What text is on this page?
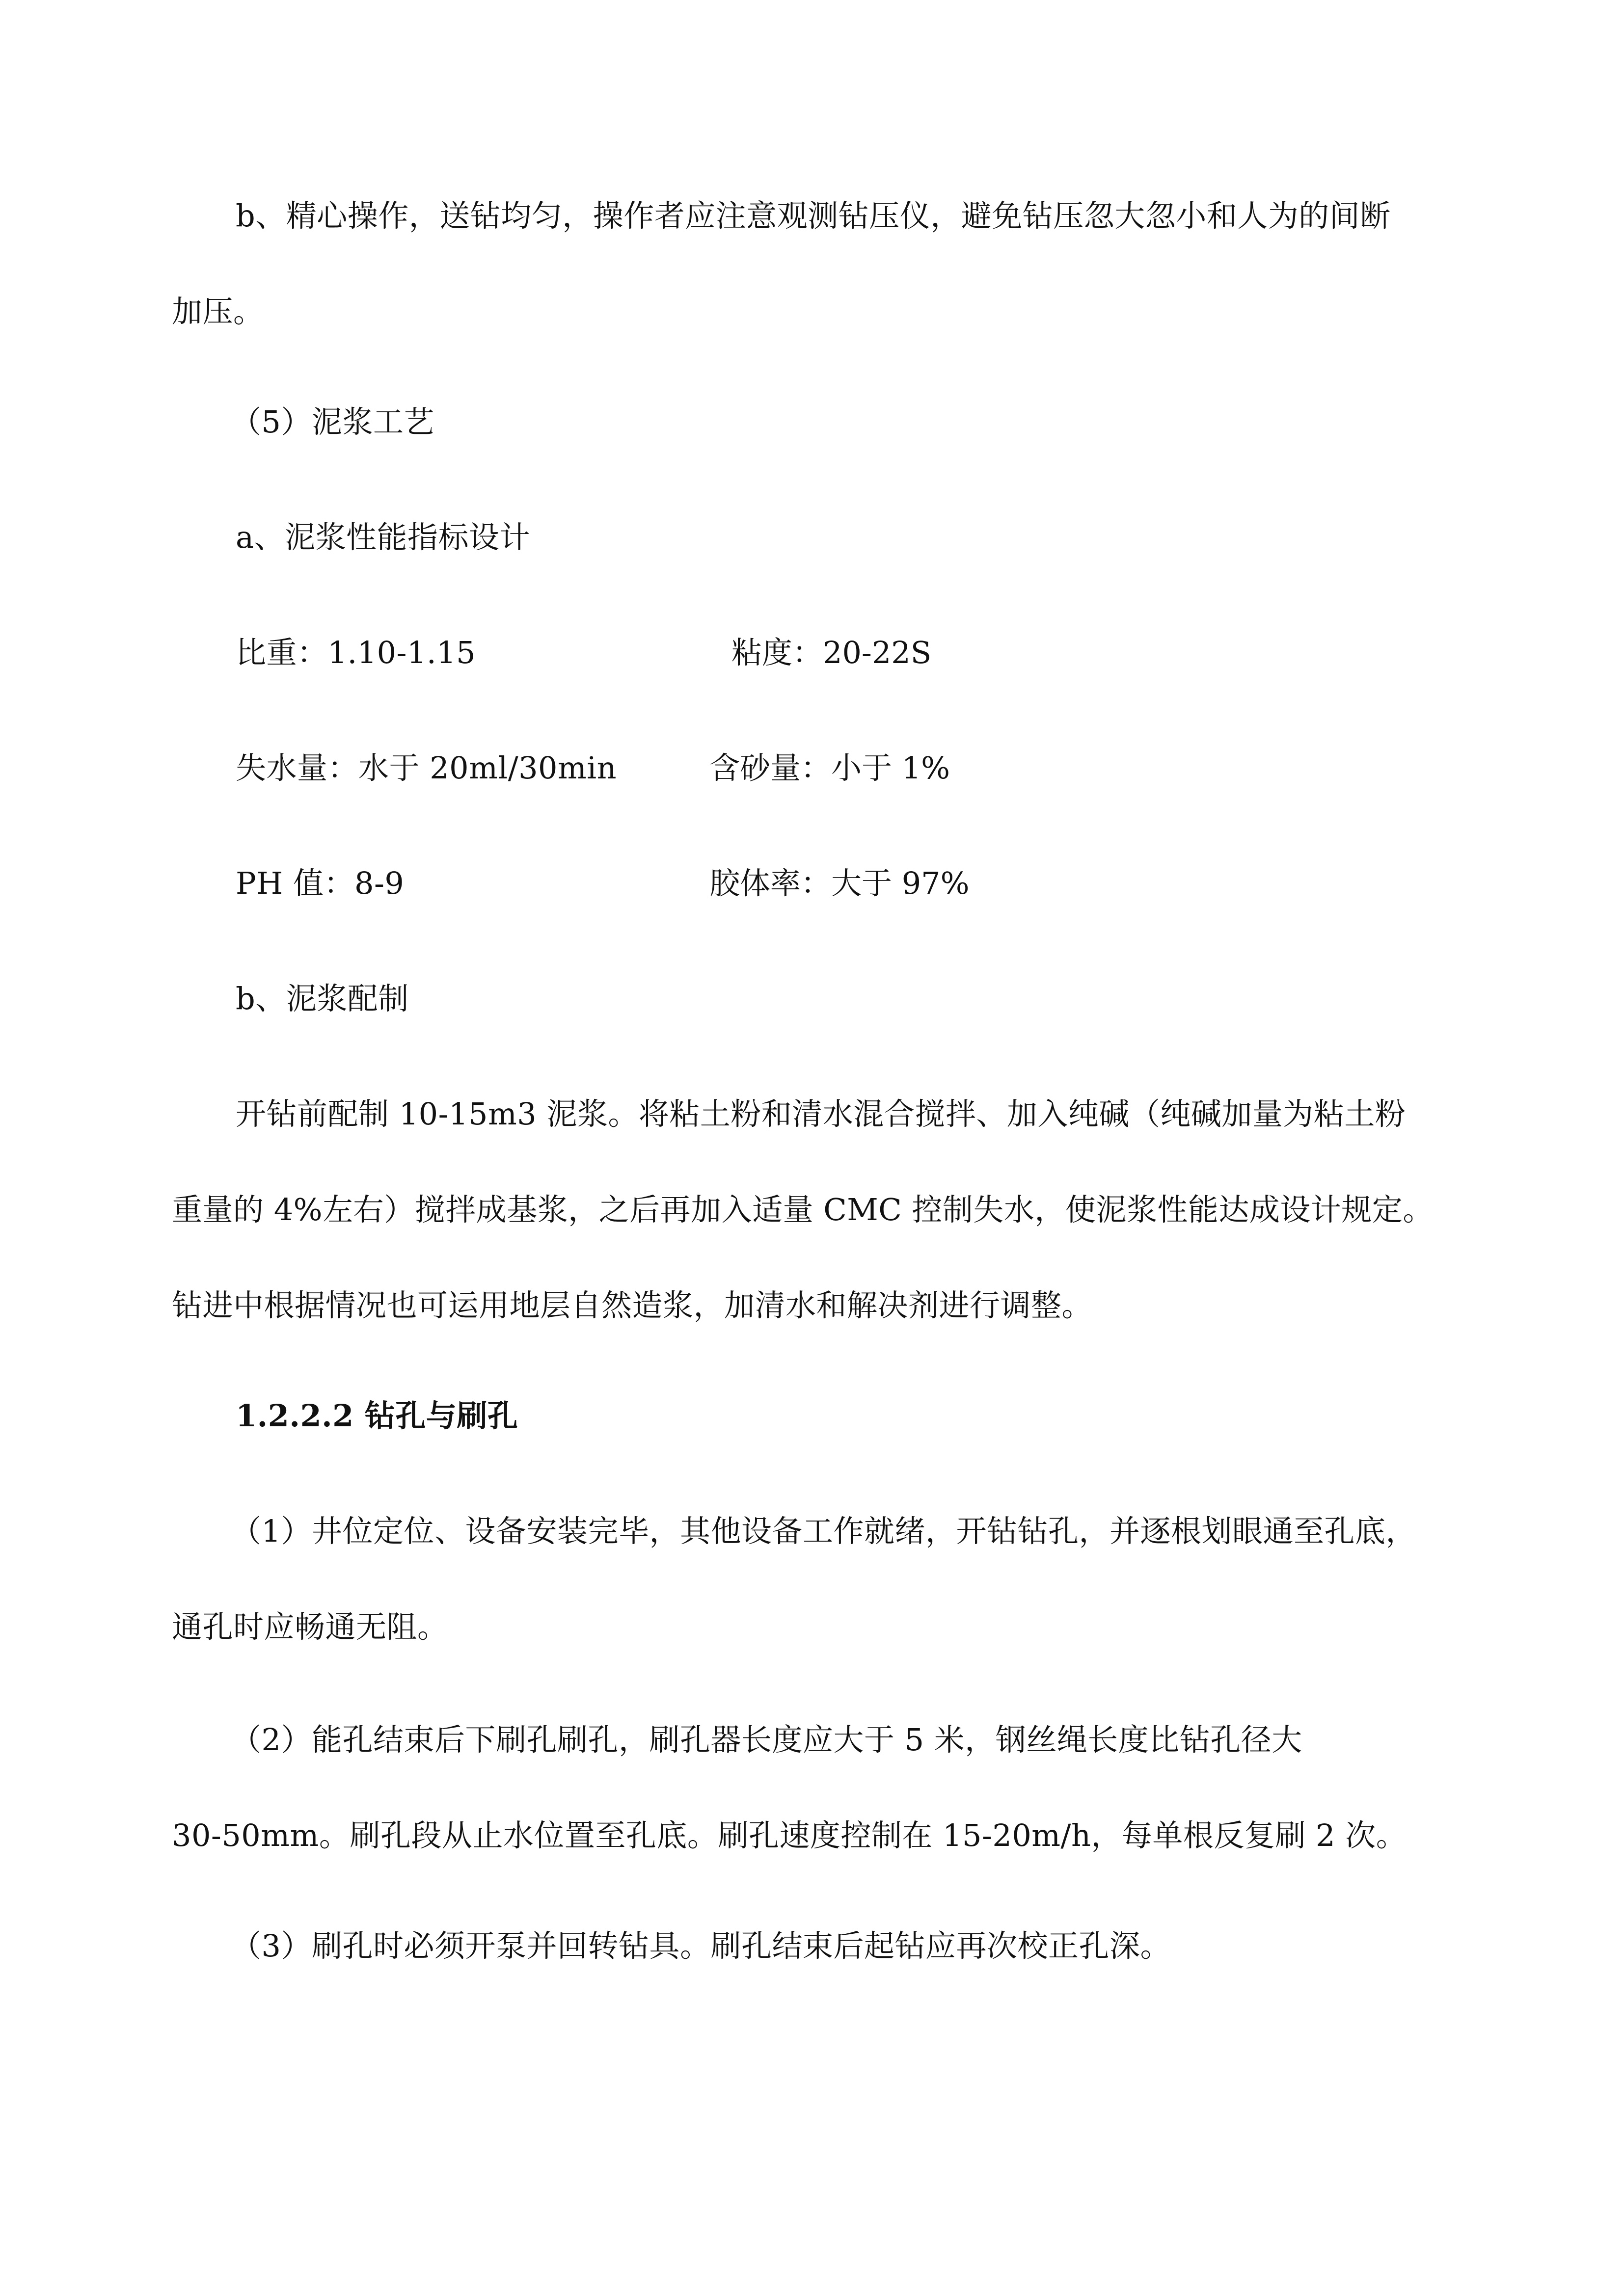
b、精心操作，送钻均匀，操作者应注意观测钻压仪，避免钻压忽大忽小和人为的间断
加压。
（5）泥浆工艺
a、泥浆性能指标设计
比重：1.10-1.15	粘度：20-22S
失水量：水于 20ml/30min	含砂量：小于 1%
PH 值：8-9	胶体率：大于 97%
b、泥浆配制
开钻前配制 10-15m3 泥浆。将粘土粉和清水混合搅拌、加入纯碱（纯碱加量为粘土粉
重量的 4%左右）搅拌成基浆，之后再加入适量 CMC 控制失水，使泥浆性能达成设计规定。
钻进中根据情况也可运用地层自然造浆，加清水和解决剂进行调整。
1.2.2.2 钻孔与刷孔
（1）井位定位、设备安装完毕，其他设备工作就绪，开钻钻孔，并逐根划眼通至孔底，
通孔时应畅通无阻。
（2）能孔结束后下刷孔刷孔，刷孔器长度应大于 5 米，钢丝绳长度比钻孔径大
30-50mm。刷孔段从止水位置至孔底。刷孔速度控制在 15-20m/h，每单根反复刷 2 次。
（3）刷孔时必须开泵并回转钻具。刷孔结束后起钻应再次校正孔深。
